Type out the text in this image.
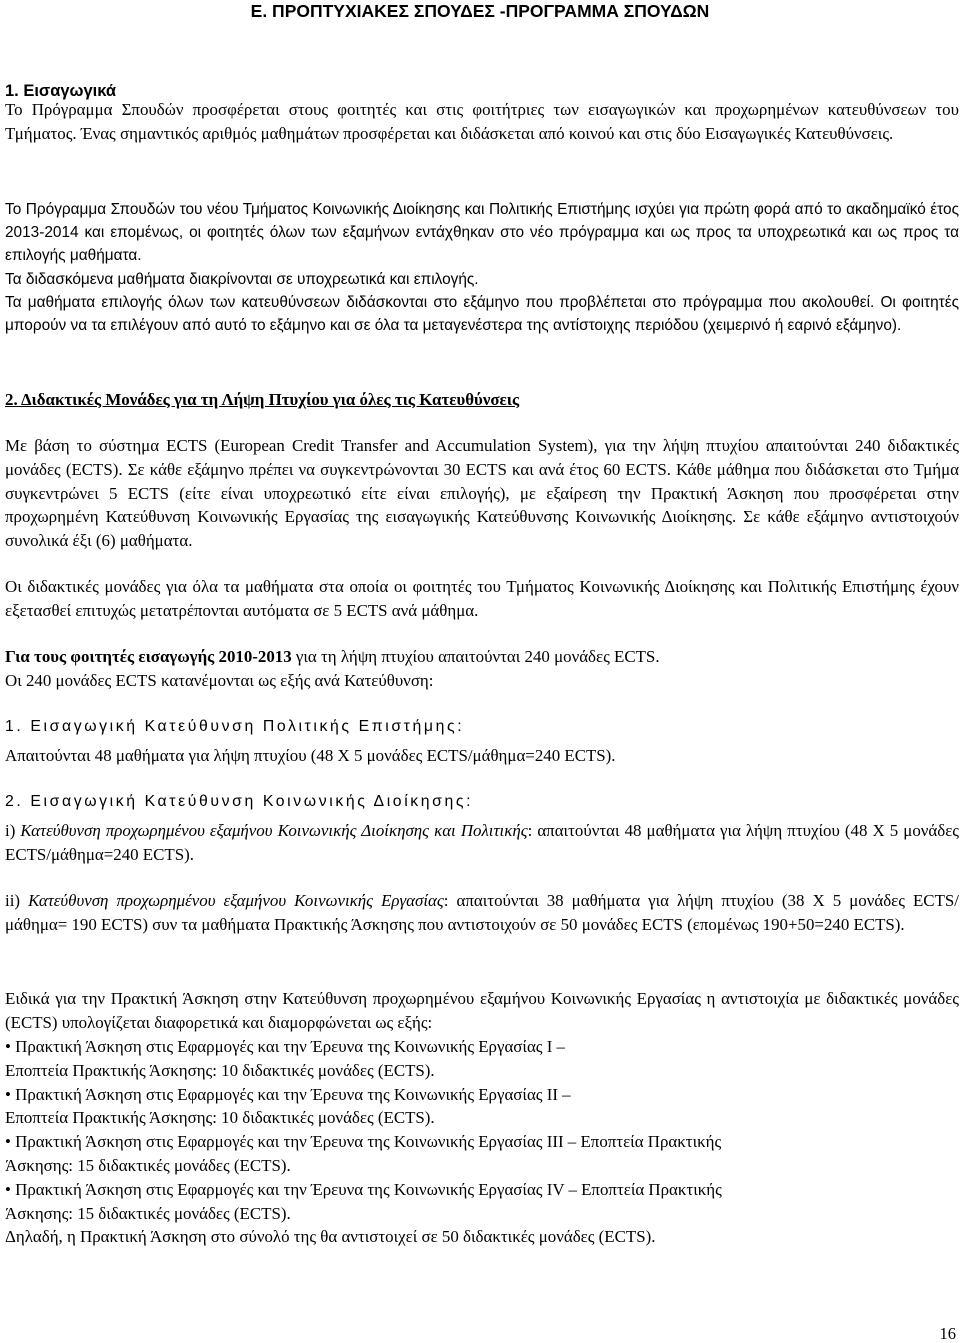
Ε. ΠΡΟΠΤΥΧΙΑΚΕΣ ΣΠΟΥΔΕΣ -ΠΡΟΓΡΑΜΜΑ ΣΠΟΥΔΩΝ
1. Εισαγωγικά

Το Πρόγραμμα Σπουδών προσφέρεται στους φοιτητές και στις φοιτήτριες των εισαγωγικών και προχωρημένων κατευθύνσεων του Τμήματος. Ένας σημαντικός αριθμός μαθημάτων προσφέρεται και διδάσκεται από κοινού και στις δύο Εισαγωγικές Κατευθύνσεις.

Το Πρόγραμμα Σπουδών του νέου Τμήματος Κοινωνικής Διοίκησης και Πολιτικής Επιστήμης ισχύει για πρώτη φορά από το ακαδημαϊκό έτος 2013-2014 και επομένως, οι φοιτητές όλων των εξαμήνων εντάχθηκαν στο νέο πρόγραμμα και ως προς τα υποχρεωτικά και ως προς τα επιλογής μαθήματα.

Τα διδασκόμενα μαθήματα διακρίνονται σε υποχρεωτικά και επιλογής.

Τα μαθήματα επιλογής όλων των κατευθύνσεων διδάσκονται στο εξάμηνο που προβλέπεται στο πρόγραμμα που ακολουθεί. Οι φοιτητές μπορούν να τα επιλέγουν από αυτό το εξάμηνο και σε όλα τα μεταγενέστερα της αντίστοιχης περιόδου (χειμερινό ή εαρινό εξάμηνο).

2. Διδακτικές Μονάδες για τη Λήψη Πτυχίου για όλες τις Κατευθύνσεις

Με βάση το σύστημα ECTS (European Credit Transfer and Accumulation System), για την λήψη πτυχίου απαιτούνται 240 διδακτικές μονάδες (ECTS). Σε κάθε εξάμηνο πρέπει να συγκεντρώνονται 30 ECTS και ανά έτος 60 ECTS. Κάθε μάθημα που διδάσκεται στο Τμήμα συγκεντρώνει 5 ECTS (είτε είναι υποχρεωτικό είτε είναι επιλογής), με εξαίρεση την Πρακτική Άσκηση που προσφέρεται στην προχωρημένη Κατεύθυνση Κοινωνικής Εργασίας της εισαγωγικής Κατεύθυνσης Κοινωνικής Διοίκησης. Σε κάθε εξάμηνο αντιστοιχούν συνολικά έξι (6) μαθήματα.

Οι διδακτικές μονάδες για όλα τα μαθήματα στα οποία οι φοιτητές του Τμήματος Κοινωνικής Διοίκησης και Πολιτικής Επιστήμης έχουν εξετασθεί επιτυχώς μετατρέπονται αυτόματα σε 5 ECTS ανά μάθημα.

Για τους φοιτητές εισαγωγής 2010-2013 για τη λήψη πτυχίου απαιτούνται 240 μονάδες ECTS.
Οι 240 μονάδες ECTS κατανέμονται ως εξής ανά Κατεύθυνση:

1. Εισαγωγική Κατεύθυνση Πολιτικής Επιστήμης:

Απαιτούνται 48 μαθήματα για λήψη πτυχίου (48 Χ 5 μονάδες ECTS/μάθημα=240 ECTS).

2. Εισαγωγική Κατεύθυνση Κοινωνικής Διοίκησης:

i) Κατεύθυνση προχωρημένου εξαμήνου Κοινωνικής Διοίκησης και Πολιτικής: απαιτούνται 48 μαθήματα για λήψη πτυχίου (48 Χ 5 μονάδες ECTS/μάθημα=240 ECTS).

ii) Κατεύθυνση προχωρημένου εξαμήνου Κοινωνικής Εργασίας: απαιτούνται 38 μαθήματα για λήψη πτυχίου (38 Χ 5 μονάδες ECTS/μάθημα= 190 ECTS) συν τα μαθήματα Πρακτικής Άσκησης που αντιστοιχούν σε 50 μονάδες ECTS (επομένως 190+50=240 ECTS).

Ειδικά για την Πρακτική Άσκηση στην Κατεύθυνση προχωρημένου εξαμήνου Κοινωνικής Εργασίας η αντιστοιχία με διδακτικές μονάδες (ECTS) υπολογίζεται διαφορετικά και διαμορφώνεται ως εξής:

• Πρακτική Άσκηση στις Εφαρμογές και την Έρευνα της Κοινωνικής Εργασίας Ι –
Εποπτεία Πρακτικής Άσκησης: 10 διδακτικές μονάδες (ECTS).
• Πρακτική Άσκηση στις Εφαρμογές και την Έρευνα της Κοινωνικής Εργασίας ΙΙ –
Εποπτεία Πρακτικής Άσκησης: 10 διδακτικές μονάδες (ECTS).
• Πρακτική Άσκηση στις Εφαρμογές και την Έρευνα της Κοινωνικής Εργασίας ΙΙΙ – Εποπτεία Πρακτικής
Άσκησης: 15 διδακτικές μονάδες (ECTS).
• Πρακτική Άσκηση στις Εφαρμογές και την Έρευνα της Κοινωνικής Εργασίας IV – Εποπτεία Πρακτικής
Άσκησης: 15 διδακτικές μονάδες (ECTS).
Δηλαδή, η Πρακτική Άσκηση στο σύνολό της θα αντιστοιχεί σε 50 διδακτικές μονάδες (ECTS).
16
